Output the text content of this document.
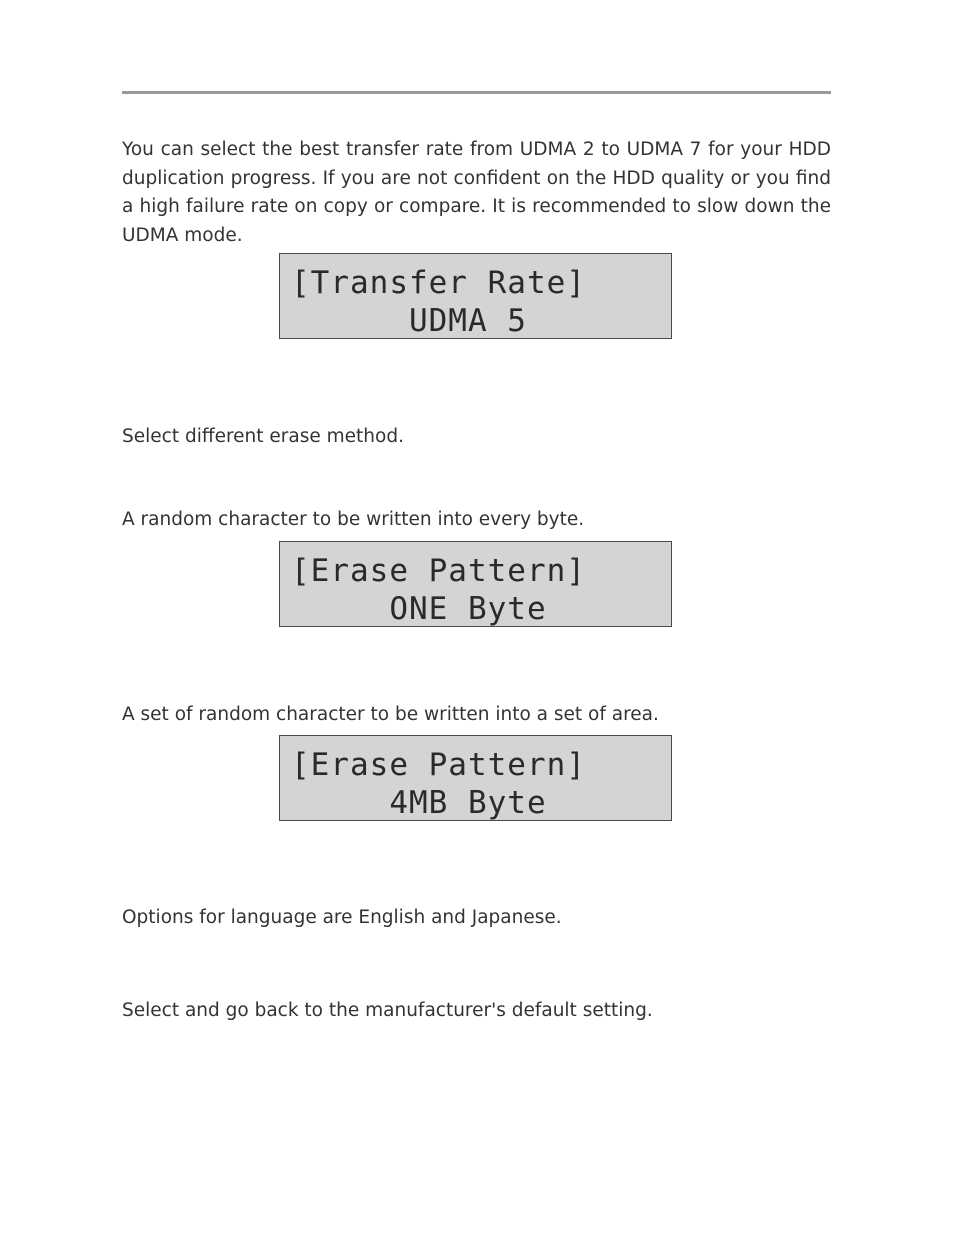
You can select the best transfer rate from UDMA 2 to UDMA 7 for your HDD duplication progress. If you are not confident on the HDD quality or you find a high failure rate on copy or compare. It is recommended to slow down the UDMA mode.

[Transfer Rate]
UDMA 5

Select different erase method.

A random character to be written into every byte.

[Erase Pattern]
ONE Byte

A set of random character to be written into a set of area.

[Erase Pattern]
4MB Byte

Options for language are English and Japanese.

Select and go back to the manufacturer's default setting.
